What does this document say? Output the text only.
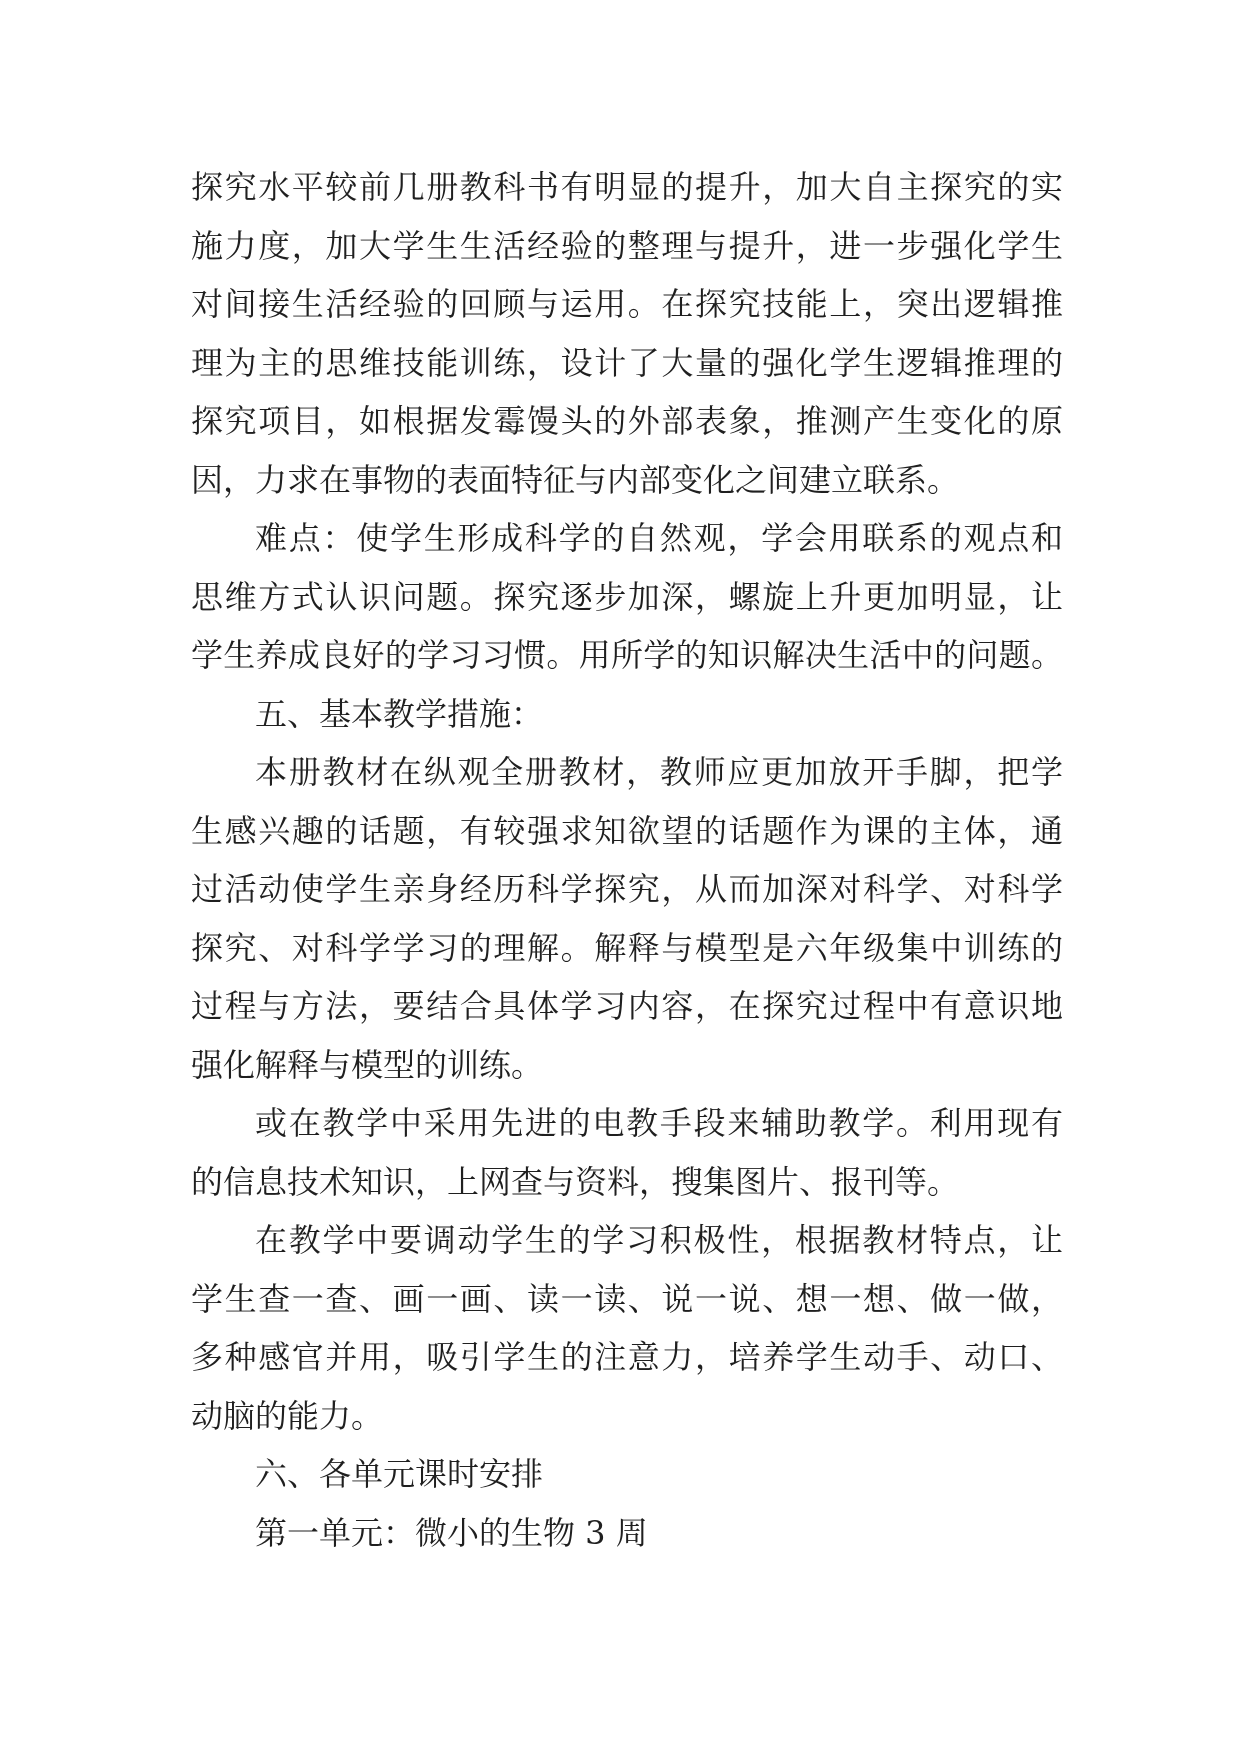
探究水平较前几册教科书有明显的提升，加大自主探究的实
施力度，加大学生生活经验的整理与提升，进一步强化学生
对间接生活经验的回顾与运用。在探究技能上，突出逻辑推
理为主的思维技能训练，设计了大量的强化学生逻辑推理的
探究项目，如根据发霉馒头的外部表象，推测产生变化的原
因，力求在事物的表面特征与内部变化之间建立联系。
难点：使学生形成科学的自然观，学会用联系的观点和
思维方式认识问题。探究逐步加深，螺旋上升更加明显，让
学生养成良好的学习习惯。用所学的知识解决生活中的问题。
五、基本教学措施：
本册教材在纵观全册教材，教师应更加放开手脚，把学
生感兴趣的话题，有较强求知欲望的话题作为课的主体，通
过活动使学生亲身经历科学探究，从而加深对科学、对科学
探究、对科学学习的理解。解释与模型是六年级集中训练的
过程与方法，要结合具体学习内容，在探究过程中有意识地
强化解释与模型的训练。
或在教学中采用先进的电教手段来辅助教学。利用现有
的信息技术知识，上网查与资料，搜集图片、报刊等。
在教学中要调动学生的学习积极性，根据教材特点，让
学生查一查、画一画、读一读、说一说、想一想、做一做，
多种感官并用，吸引学生的注意力，培养学生动手、动口、
动脑的能力。
六、各单元课时安排
第一单元：微小的生物 3 周
